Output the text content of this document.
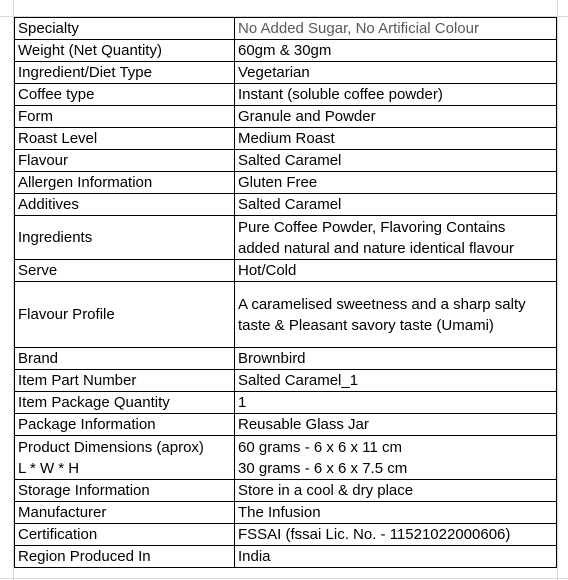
Specialty	No Added Sugar, No Artificial Colour
Weight (Net Quantity)	60gm & 30gm
Ingredient/Diet Type	Vegetarian
Coffee type	Instant (soluble coffee powder)
Form	Granule and Powder
Roast Level	Medium Roast
Flavour	Salted Caramel
Allergen Information	Gluten Free
Additives	Salted Caramel
Ingredients	Pure Coffee Powder, Flavoring Contains
added natural and nature identical flavour

Serve	Hot/Cold
Flavour Profile	A caramelised sweetness and a sharp salty
taste & Pleasant savory taste (Umami)

Brand	Brownbird
Item Part Number	Salted Caramel_1
Item Package Quantity	1
Package Information	Reusable Glass Jar

Product Dimensions (aprox)
L * W * H	60 grams - 6 x 6 x 11 cm
30 grams - 6 x 6 x 7.5 cm

Storage Information	Store in a cool & dry place
Manufacturer	The Infusion
Certification	FSSAI (fssai Lic. No. - 11521022000606)
Region Produced In	India
